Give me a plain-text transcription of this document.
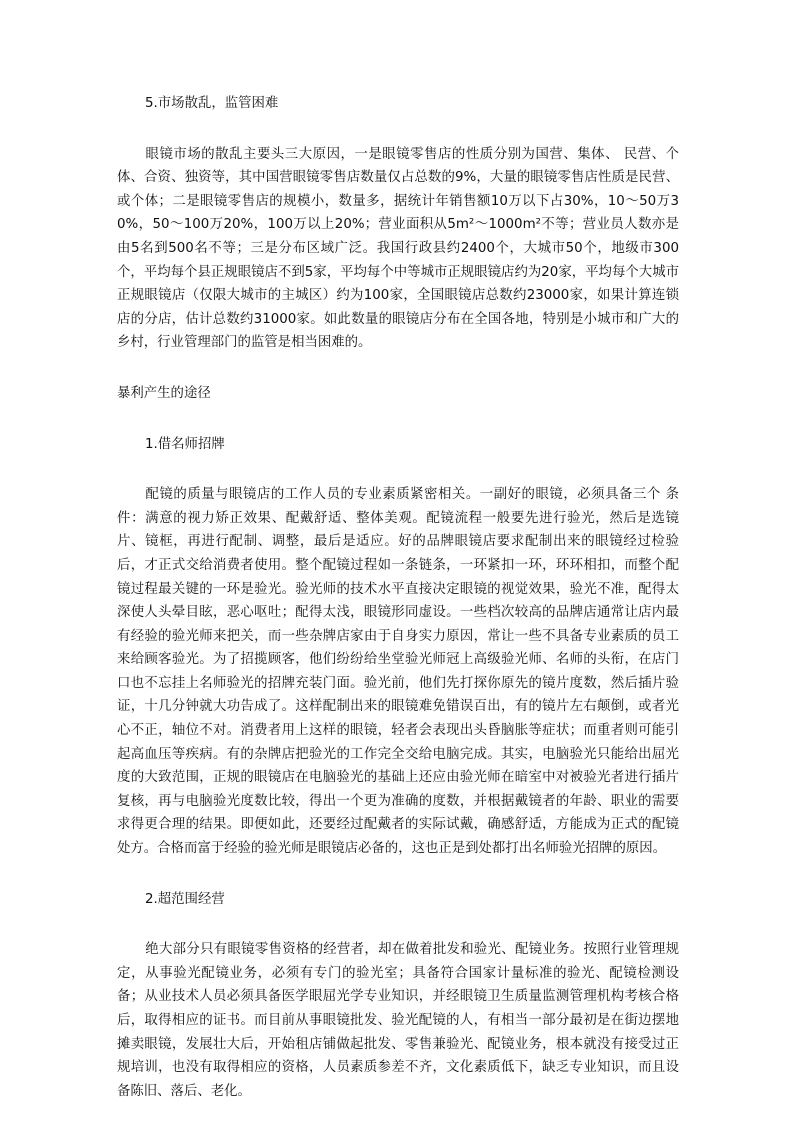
5.市场散乱，监管困难

眼镜市场的散乱主要头三大原因，一是眼镜零售店的性质分别为国营、集体、 民营、个体、合资、独资等，其中国营眼镜零售店数量仅占总数的9%，大量的眼镜零售店性质是民营、或个体；二是眼镜零售店的规模小，数量多，据统计年销售额10万以下占30%，10～50万30%，50～100万20%，100万以上20%；营业面积从5m²～1000m²不等；营业员人数亦是由5名到500名不等；三是分布区域广泛。我国行政县约2400个，大城市50个，地级市300个，平均每个县正规眼镜店不到5家，平均每个中等城市正规眼镜店约为20家，平均每个大城市正规眼镜店（仅限大城市的主城区）约为100家，全国眼镜店总数约23000家，如果计算连锁店的分店，估计总数约31000家。如此数量的眼镜店分布在全国各地，特别是小城市和广大的乡村，行业管理部门的监管是相当困难的。

暴利产生的途径

1.借名师招牌

配镜的质量与眼镜店的工作人员的专业素质紧密相关。一副好的眼镜，必须具备三个 条件：满意的视力矫正效果、配戴舒适、整体美观。配镜流程一般要先进行验光，然后是选镜片、镜框，再进行配制、调整，最后是适应。好的品牌眼镜店要求配制出来的眼镜经过检验后，才正式交给消费者使用。整个配镜过程如一条链条，一环紧扣一环，环环相扣，而整个配镜过程最关键的一环是验光。验光师的技术水平直接决定眼镜的视觉效果，验光不准，配得太深使人头晕目眩，恶心呕吐；配得太浅，眼镜形同虚设。一些档次较高的品牌店通常让店内最有经验的验光师来把关，而一些杂牌店家由于自身实力原因，常让一些不具备专业素质的员工来给顾客验光。为了招揽顾客，他们纷纷给坐堂验光师冠上高级验光师、名师的头衔，在店门口也不忘挂上名师验光的招牌充装门面。验光前，他们先打探你原先的镜片度数，然后插片验证，十几分钟就大功告成了。这样配制出来的眼镜难免错误百出，有的镜片左右颠倒，或者光心不正，轴位不对。消费者用上这样的眼镜，轻者会表现出头昏脑胀等症状；而重者则可能引起高血压等疾病。有的杂牌店把验光的工作完全交给电脑完成。其实，电脑验光只能给出屈光度的大致范围，正规的眼镜店在电脑验光的基础上还应由验光师在暗室中对被验光者进行插片复核，再与电脑验光度数比较，得出一个更为准确的度数，并根据戴镜者的年龄、职业的需要求得更合理的结果。即便如此，还要经过配戴者的实际试戴，确感舒适，方能成为正式的配镜处方。合格而富于经验的验光师是眼镜店必备的，这也正是到处都打出名师验光招牌的原因。

2.超范围经营

绝大部分只有眼镜零售资格的经营者，却在做着批发和验光、配镜业务。按照行业管理规定，从事验光配镜业务，必须有专门的验光室；具备符合国家计量标准的验光、配镜检测设备；从业技术人员必须具备医学眼屈光学专业知识，并经眼镜卫生质量监测管理机构考核合格后，取得相应的证书。而目前从事眼镜批发、验光配镜的人，有相当一部分最初是在街边摆地摊卖眼镜，发展壮大后，开始租店铺做起批发、零售兼验光、配镜业务，根本就没有接受过正规培训，也没有取得相应的资格，人员素质参差不齐，文化素质低下，缺乏专业知识，而且设备陈旧、落后、老化。
